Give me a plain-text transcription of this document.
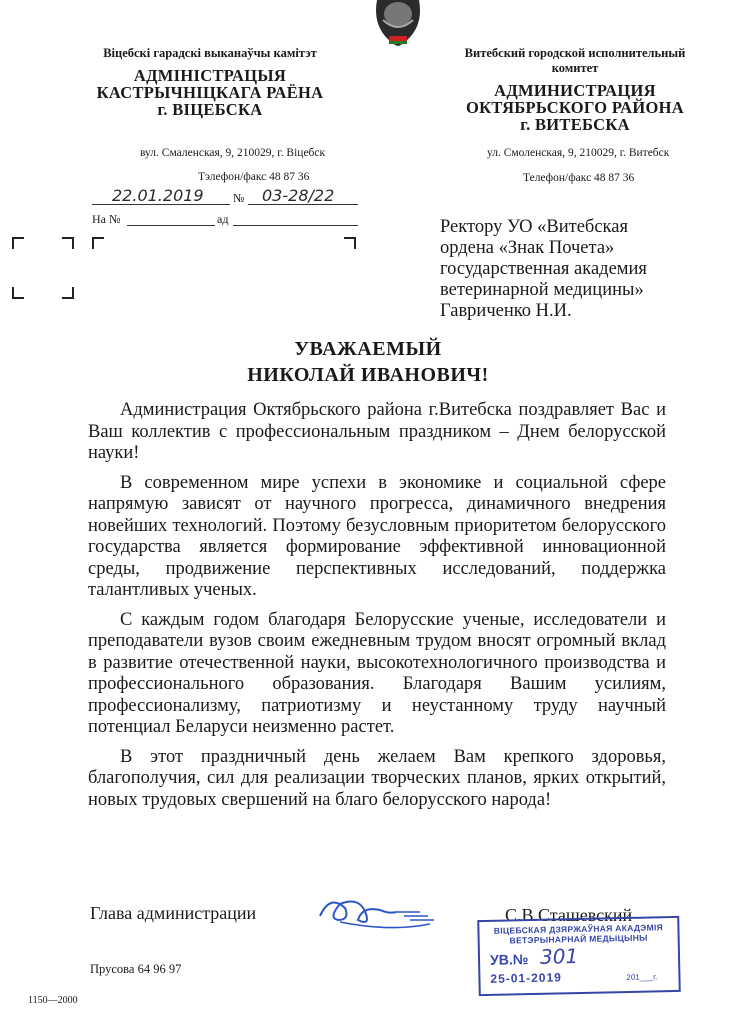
Віцебскі гарадскі выканаўчы камітэт
АДМІНІСТРАЦЫЯ
КАСТРЫЧНІЦКАГА РАЁНА
г. ВІЦЕБСКА
вул. Смаленская, 9, 210029, г. Віцебск
Тэлефон/факс 48 87 36
Витебский городской исполнительный комитет
АДМИНИСТРАЦИЯ
ОКТЯБРЬСКОГО РАЙОНА
г. ВИТЕБСКА
ул. Смоленская, 9, 210029, г. Витебск
Телефон/факс 48 87 36
22.01.2019 № 03-28/22
На №	ад	Ректору УО «Витебская
ордена «Знак Почета»
государственная академия
ветеринарной медицины»
Гавриченко Н.И.
УВАЖАЕМЫЙ
НИКОЛАЙ ИВАНОВИЧ!

Администрация Октябрьского района г.Витебска поздравляет Вас и Ваш коллектив с профессиональным праздником – Днем белорусской науки!

В современном мире успехи в экономике и социальной сфере напрямую зависят от научного прогресса, динамичного внедрения новейших технологий. Поэтому безусловным приоритетом белорусского государства является формирование эффективной инновационной среды, продвижение перспективных исследований, поддержка талантливых ученых.

С каждым годом благодаря Белорусские ученые, исследователи и преподаватели вузов своим ежедневным трудом вносят огромный вклад в развитие отечественной науки, высокотехнологичного производства и профессионального образования. Благодаря Вашим усилиям, профессионализму, патриотизму и неустанному труду научный потенциал Беларуси неизменно растет.

В этот праздничный день желаем Вам крепкого здоровья, благополучия, сил для реализации творческих планов, ярких открытий, новых трудовых свершений на благо белорусского народа!

Глава администрации	С.В.Сташевский
ВІЦЕБСКАЯ ДЗЯРЖАЎНАЯ АКАДЭМІЯ
ВЕТЭРЫНАРНАЙ МЕДЫЦЫНЫ
УВ.№ 301
25-01-2019	201___г.
Прусова 64 96 97
1150—2000
